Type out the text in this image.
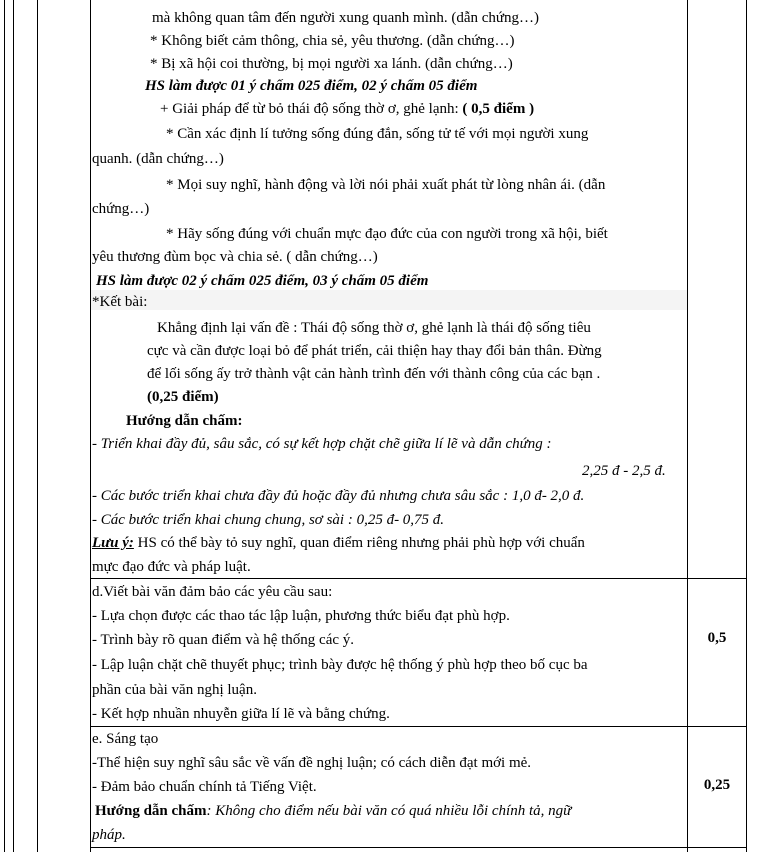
mà không quan tâm đến người xung quanh mình. (dẫn chứng…)
* Không biết cảm thông, chia sẻ, yêu thương. (dẫn chứng…)
* Bị xã hội coi thường, bị mọi người xa lánh. (dẫn chứng…)
HS làm được 01 ý chấm 025 điểm, 02 ý chấm 05 điểm
+ Giải pháp để từ bỏ thái độ sống thờ ơ, ghẻ lạnh: ( 0,5 điểm )
* Cần xác định lí tưởng sống đúng đắn, sống tử tế với mọi người xung
quanh. (dẫn chứng…)
* Mọi suy nghĩ, hành động và lời nói phải xuất phát từ lòng nhân ái. (dẫn
chứng…)
* Hãy sống đúng với chuẩn mực đạo đức của con người trong xã hội, biết
yêu thương đùm bọc và chia sẻ. ( dẫn chứng…)
HS làm được 02 ý chấm 025 điểm, 03 ý chấm 05 điểm
*Kết bài:
Khẳng định lại vấn đề : Thái độ sống thờ ơ, ghẻ lạnh là thái độ sống tiêu
cực và cần được loại bỏ để phát triển, cải thiện hay thay đổi bản thân. Đừng
để lối sống ấy trở thành vật cản hành trình đến với thành công của các bạn .
(0,25 điểm)
Hướng dẫn chấm:
- Triển khai đầy đủ, sâu sắc, có sự kết hợp chặt chẽ giữa lí lẽ và dẫn chứng :
2,25 đ - 2,5 đ.
- Các bước triển khai chưa đầy đủ hoặc đầy đủ nhưng chưa sâu sắc : 1,0 đ- 2,0 đ.
- Các bước triển khai chung chung, sơ sài : 0,25 đ- 0,75 đ.
Lưu ý: HS có thể bày tỏ suy nghĩ, quan điểm riêng nhưng phải phù hợp với chuẩn
mực đạo đức và pháp luật.
d.Viết bài văn đảm bảo các yêu cầu sau:
- Lựa chọn được các thao tác lập luận, phương thức biểu đạt phù hợp.
- Trình bày rõ quan điểm và hệ thống các ý.
- Lập luận chặt chẽ thuyết phục; trình bày được hệ thống ý phù hợp theo bố cục ba
phần của bài văn nghị luận.
- Kết hợp nhuần nhuyễn giữa lí lẽ và bằng chứng.
0,5
e. Sáng tạo
-Thể hiện suy nghĩ sâu sắc về vấn đề nghị luận; có cách diễn đạt mới mẻ.
- Đảm bảo chuẩn chính tả Tiếng Việt.
Hướng dẫn chấm: Không cho điểm nếu bài văn có quá nhiều lỗi chính tả, ngữ
pháp.
0,25
